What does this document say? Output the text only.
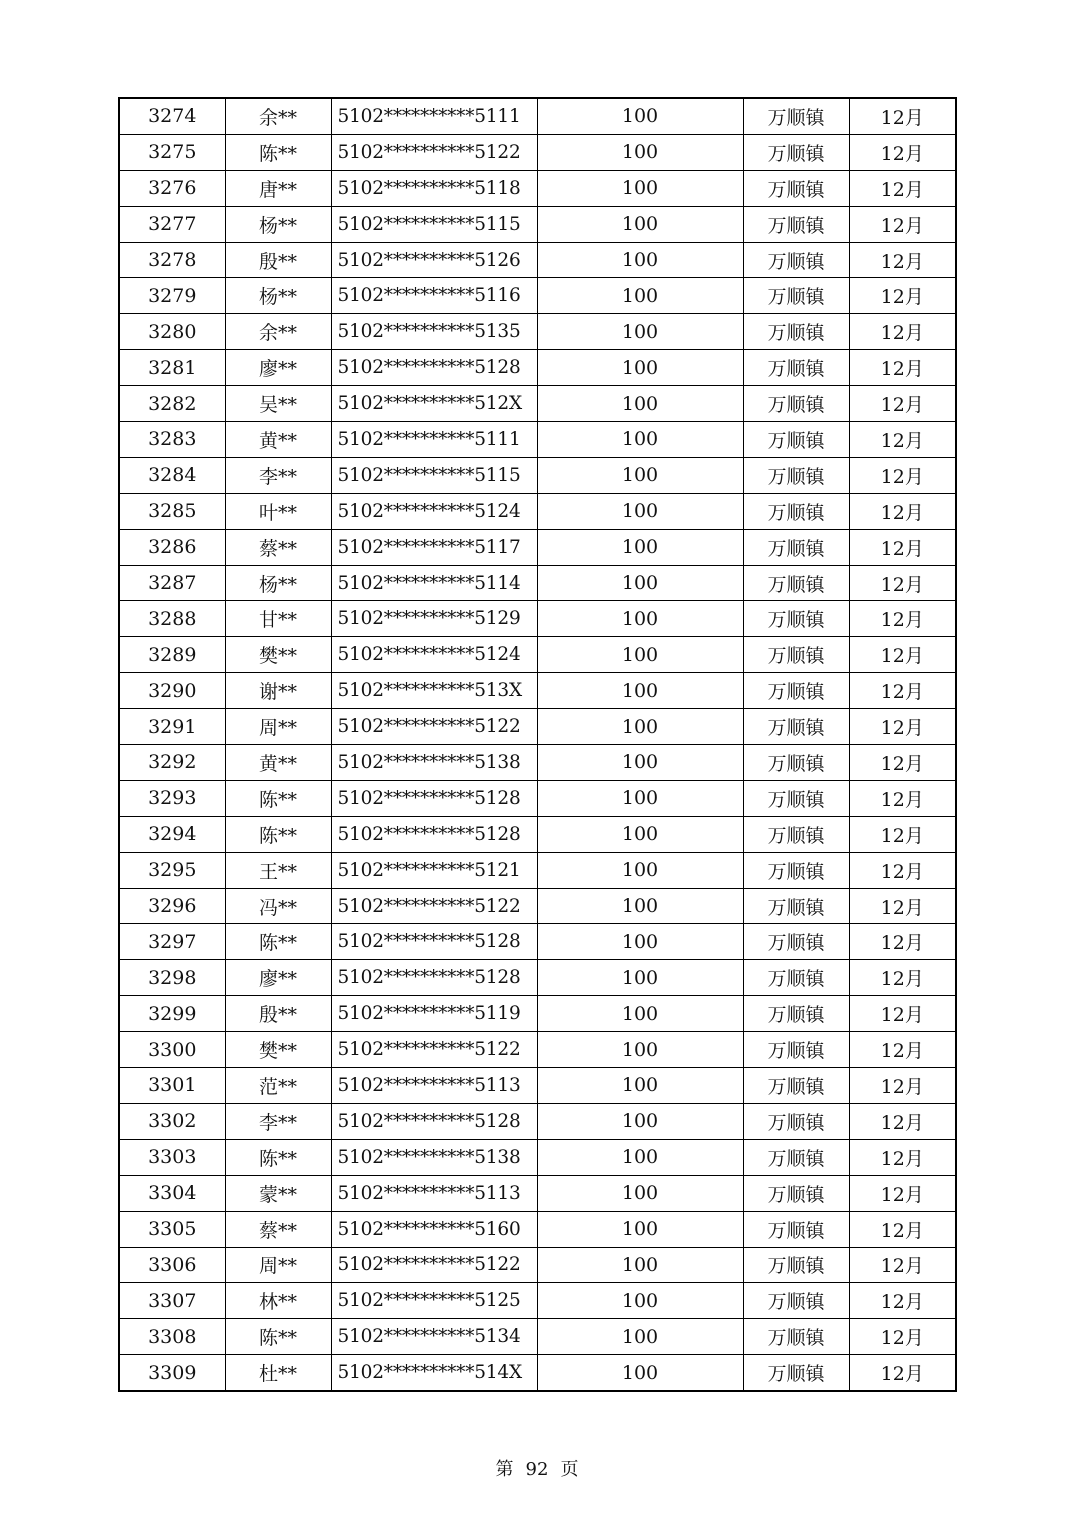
3274	余**	5102**********5111	100	万顺镇	12月
3275	陈**	5102**********5122	100	万顺镇	12月
3276	唐**	5102**********5118	100	万顺镇	12月
3277	杨**	5102**********5115	100	万顺镇	12月
3278	殷**	5102**********5126	100	万顺镇	12月
3279	杨**	5102**********5116	100	万顺镇	12月
3280	余**	5102**********5135	100	万顺镇	12月
3281	廖**	5102**********5128	100	万顺镇	12月
3282	吴**	5102**********512X	100	万顺镇	12月
3283	黄**	5102**********5111	100	万顺镇	12月
3284	李**	5102**********5115	100	万顺镇	12月
3285	叶**	5102**********5124	100	万顺镇	12月
3286	蔡**	5102**********5117	100	万顺镇	12月
3287	杨**	5102**********5114	100	万顺镇	12月
3288	甘**	5102**********5129	100	万顺镇	12月
3289	樊**	5102**********5124	100	万顺镇	12月
3290	谢**	5102**********513X	100	万顺镇	12月
3291	周**	5102**********5122	100	万顺镇	12月
3292	黄**	5102**********5138	100	万顺镇	12月
3293	陈**	5102**********5128	100	万顺镇	12月
3294	陈**	5102**********5128	100	万顺镇	12月
3295	王**	5102**********5121	100	万顺镇	12月
3296	冯**	5102**********5122	100	万顺镇	12月
3297	陈**	5102**********5128	100	万顺镇	12月
3298	廖**	5102**********5128	100	万顺镇	12月
3299	殷**	5102**********5119	100	万顺镇	12月
3300	樊**	5102**********5122	100	万顺镇	12月
3301	范**	5102**********5113	100	万顺镇	12月
3302	李**	5102**********5128	100	万顺镇	12月
3303	陈**	5102**********5138	100	万顺镇	12月
3304	蒙**	5102**********5113	100	万顺镇	12月
3305	蔡**	5102**********5160	100	万顺镇	12月
3306	周**	5102**********5122	100	万顺镇	12月
3307	林**	5102**********5125	100	万顺镇	12月
3308	陈**	5102**********5134	100	万顺镇	12月
3309	杜**	5102**********514X	100	万顺镇	12月
第 92 页
